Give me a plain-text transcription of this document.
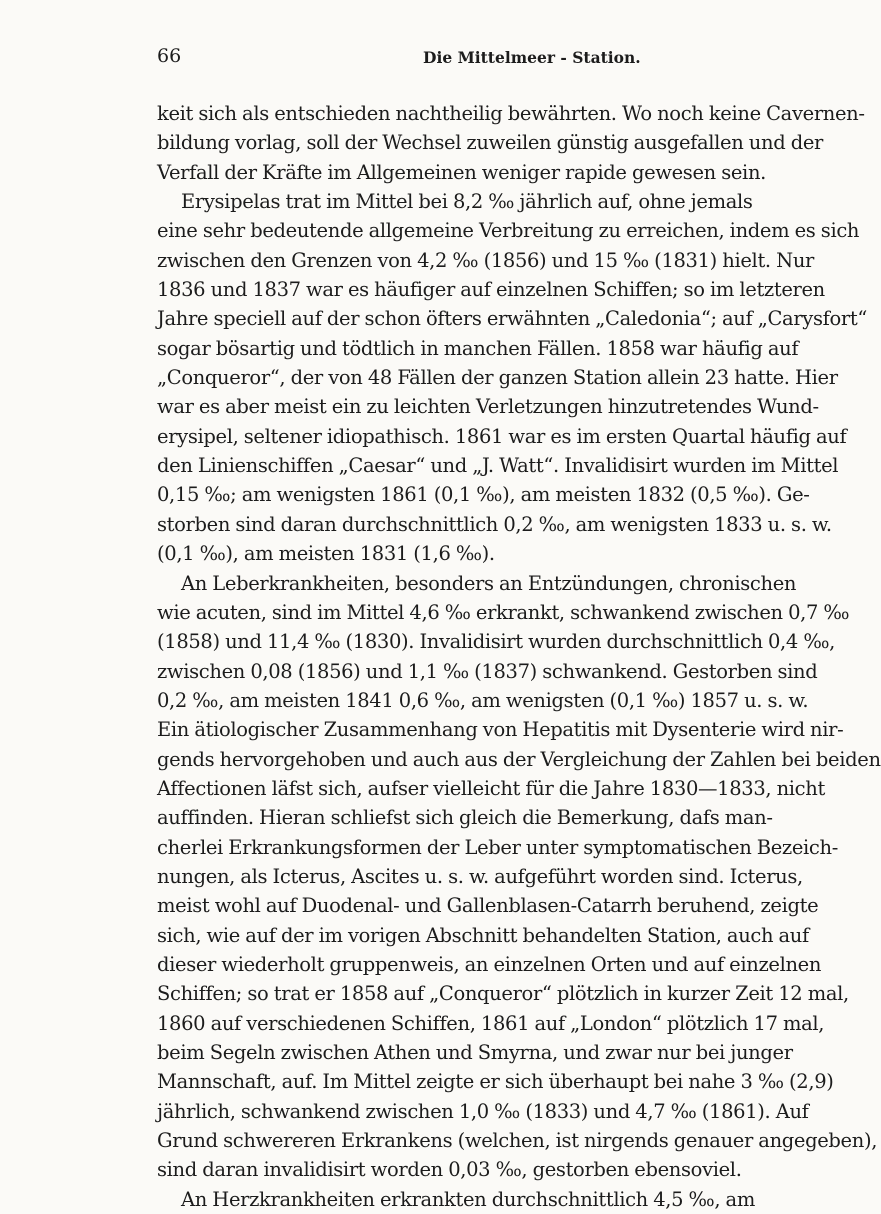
66	Die Mittelmeer - Station.
keit sich als entschieden nachtheilig bewährten. Wo noch keine Cavernen-
bildung vorlag, soll der Wechsel zuweilen günstig ausgefallen und der
Verfall der Kräfte im Allgemeinen weniger rapide gewesen sein.
Erysipelas trat im Mittel bei 8,2 ‰ jährlich auf, ohne jemals
eine sehr bedeutende allgemeine Verbreitung zu erreichen, indem es sich
zwischen den Grenzen von 4,2 ‰ (1856) und 15 ‰ (1831) hielt. Nur
1836 und 1837 war es häufiger auf einzelnen Schiffen; so im letzteren
Jahre speciell auf der schon öfters erwähnten „Caledonia“; auf „Carysfort“
sogar bösartig und tödtlich in manchen Fällen. 1858 war häufig auf
„Conqueror“, der von 48 Fällen der ganzen Station allein 23 hatte. Hier
war es aber meist ein zu leichten Verletzungen hinzutretendes Wund-
erysipel, seltener idiopathisch. 1861 war es im ersten Quartal häufig auf
den Linienschiffen „Caesar“ und „J. Watt“. Invalidisirt wurden im Mittel
0,15 ‰; am wenigsten 1861 (0,1 ‰), am meisten 1832 (0,5 ‰). Ge-
storben sind daran durchschnittlich 0,2 ‰, am wenigsten 1833 u. s. w.
(0,1 ‰), am meisten 1831 (1,6 ‰).
An Leberkrankheiten, besonders an Entzündungen, chronischen
wie acuten, sind im Mittel 4,6 ‰ erkrankt, schwankend zwischen 0,7 ‰
(1858) und 11,4 ‰ (1830). Invalidisirt wurden durchschnittlich 0,4 ‰,
zwischen 0,08 (1856) und 1,1 ‰ (1837) schwankend. Gestorben sind
0,2 ‰, am meisten 1841 0,6 ‰, am wenigsten (0,1 ‰) 1857 u. s. w.
Ein ätiologischer Zusammenhang von Hepatitis mit Dysenterie wird nir-
gends hervorgehoben und auch aus der Vergleichung der Zahlen bei beiden
Affectionen läfst sich, aufser vielleicht für die Jahre 1830—1833, nicht
auffinden. Hieran schliefst sich gleich die Bemerkung, dafs man-
cherlei Erkrankungsformen der Leber unter symptomatischen Bezeich-
nungen, als Icterus, Ascites u. s. w. aufgeführt worden sind. Icterus,
meist wohl auf Duodenal- und Gallenblasen-Catarrh beruhend, zeigte
sich, wie auf der im vorigen Abschnitt behandelten Station, auch auf
dieser wiederholt gruppenweis, an einzelnen Orten und auf einzelnen
Schiffen; so trat er 1858 auf „Conqueror“ plötzlich in kurzer Zeit 12 mal,
1860 auf verschiedenen Schiffen, 1861 auf „London“ plötzlich 17 mal,
beim Segeln zwischen Athen und Smyrna, und zwar nur bei junger
Mannschaft, auf. Im Mittel zeigte er sich überhaupt bei nahe 3 ‰ (2,9)
jährlich, schwankend zwischen 1,0 ‰ (1833) und 4,7 ‰ (1861). Auf
Grund schwereren Erkrankens (welchen, ist nirgends genauer angegeben),
sind daran invalidisirt worden 0,03 ‰, gestorben ebensoviel.
An Herzkrankheiten erkrankten durchschnittlich 4,5 ‰, am
